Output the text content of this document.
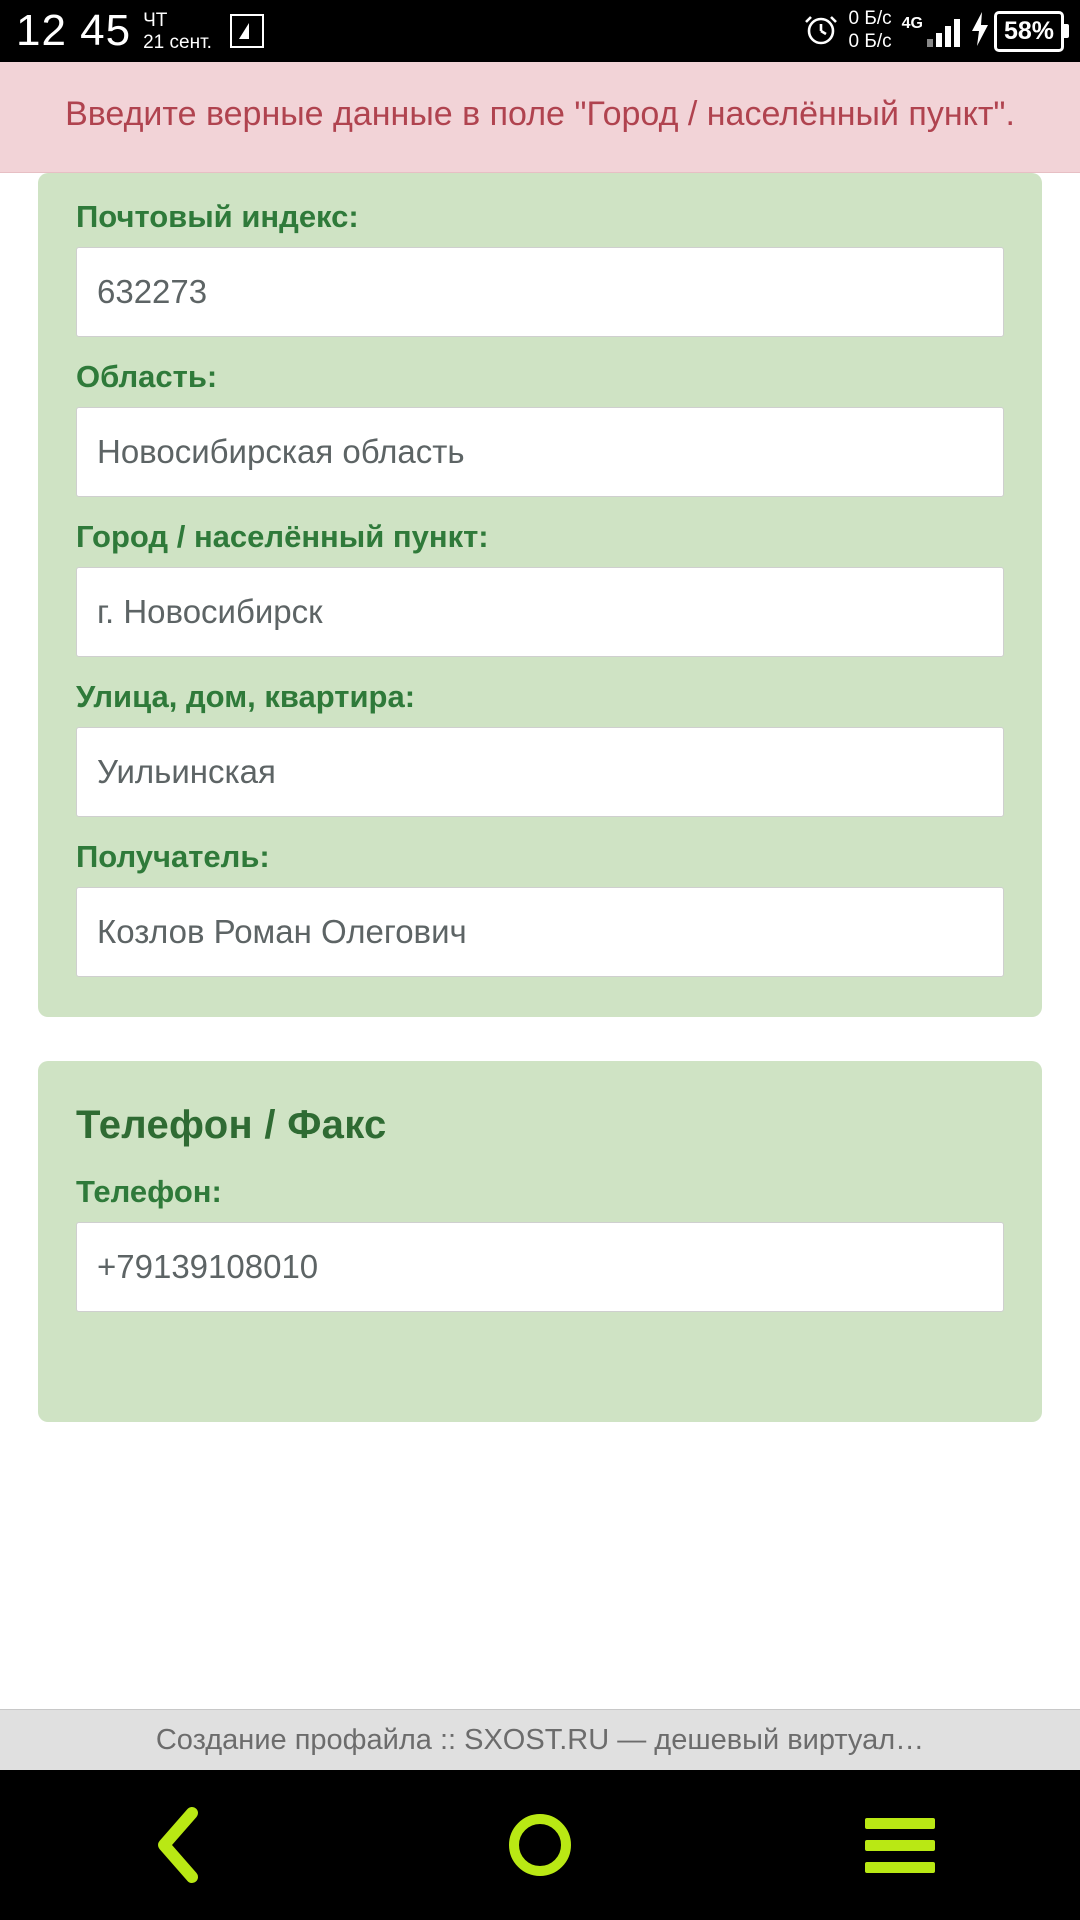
12 45 ЧТ
21 сент.
0 Б/с
0 Б/с
4G	58%
Введите верные данные в поле "Город / населённый пункт".
Почтовый индекс:
632273
Область:
Новосибирская область
Город / населённый пункт:
г. Новосибирск
Улица, дом, квартира:
Уильинская
Получатель:
Козлов Роман Олегович
Телефон / Факс
Телефон:
+79139108010

Создание профайла :: SXOST.RU — дешевый виртуал…
